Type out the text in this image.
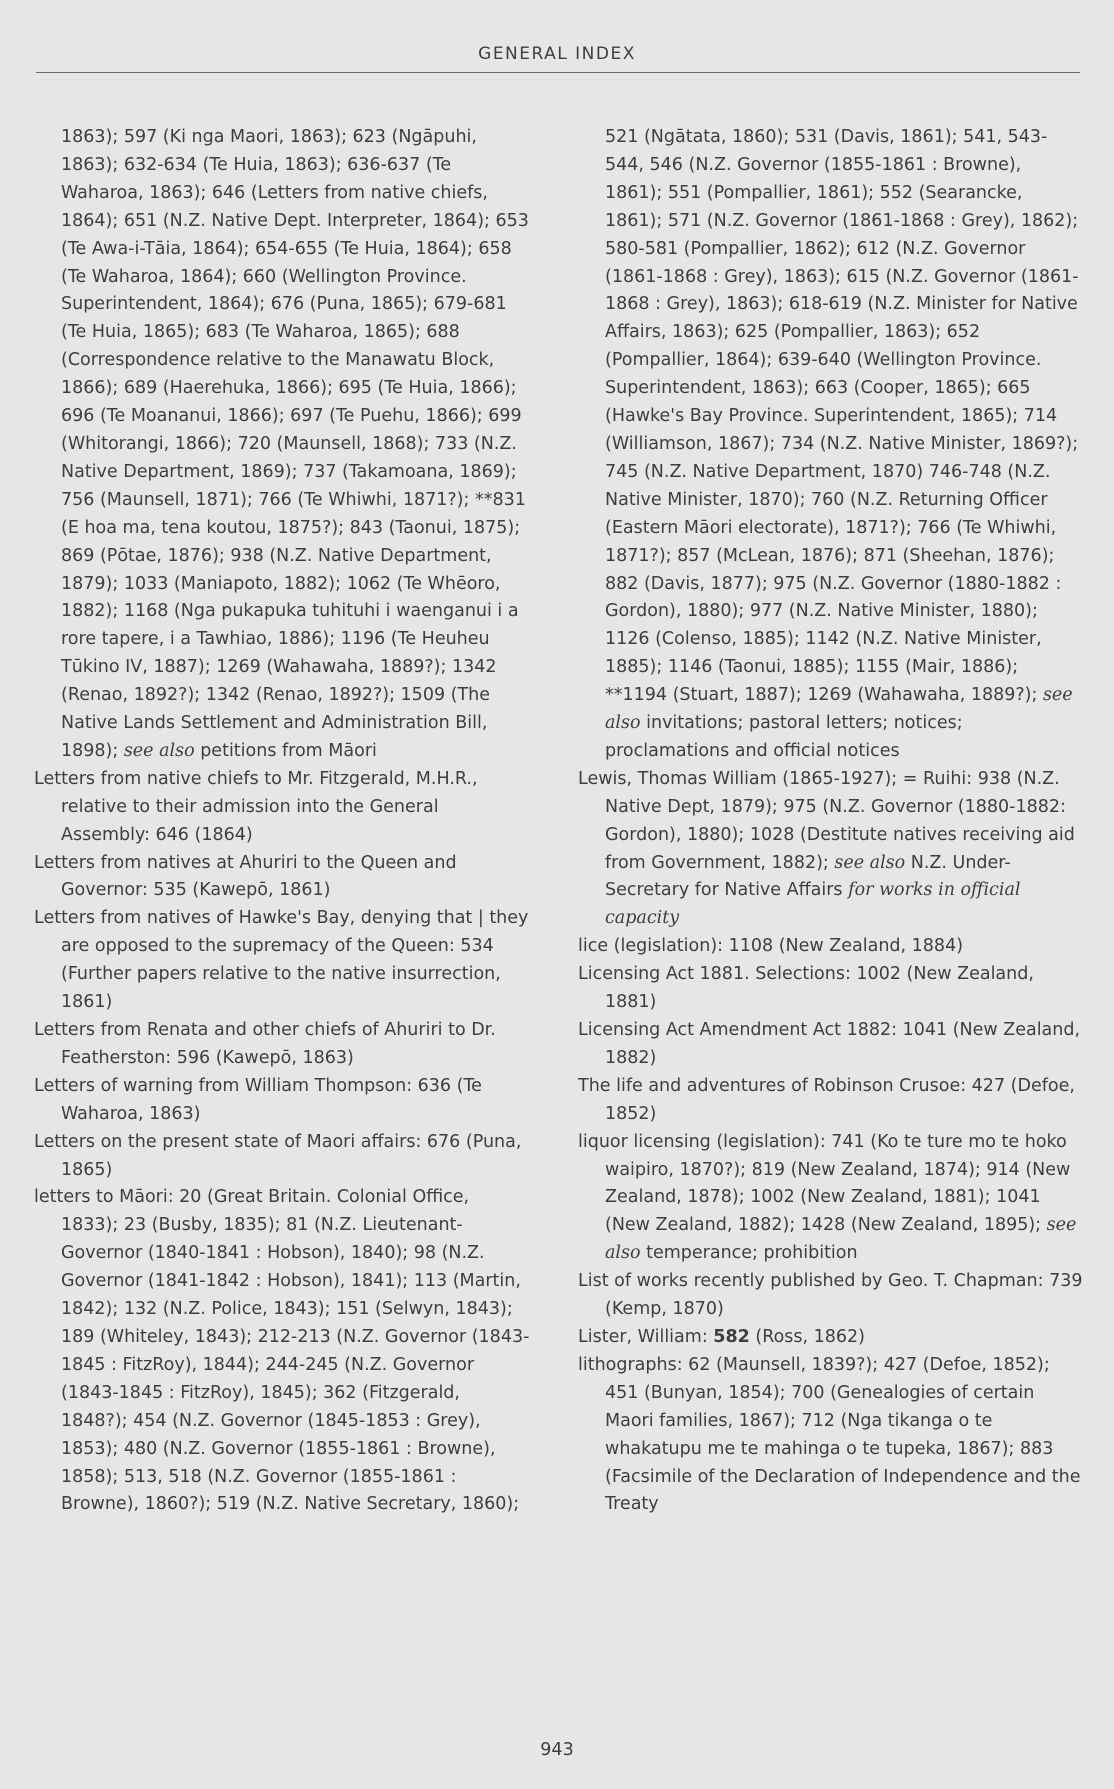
GENERAL INDEX
1863); 597 (Ki nga Maori, 1863); 623 (Ngāpuhi, 1863); 632-634 (Te Huia, 1863); 636-637 (Te Waharoa, 1863); 646 (Letters from native chiefs, 1864); 651 (N.Z. Native Dept. Interpreter, 1864); 653 (Te Awa-i-Tāia, 1864); 654-655 (Te Huia, 1864); 658 (Te Waharoa, 1864); 660 (Wellington Province. Superintendent, 1864); 676 (Puna, 1865); 679-681 (Te Huia, 1865); 683 (Te Waharoa, 1865); 688 (Correspondence relative to the Manawatu Block, 1866); 689 (Haerehuka, 1866); 695 (Te Huia, 1866); 696 (Te Moananui, 1866); 697 (Te Puehu, 1866); 699 (Whitorangi, 1866); 720 (Maunsell, 1868); 733 (N.Z. Native Department, 1869); 737 (Takamoana, 1869); 756 (Maunsell, 1871); 766 (Te Whiwhi, 1871?); **831 (E hoa ma, tena koutou, 1875?); 843 (Taonui, 1875); 869 (Pōtae, 1876); 938 (N.Z. Native Department, 1879); 1033 (Maniapoto, 1882); 1062 (Te Whēoro, 1882); 1168 (Nga pukapuka tuhituhi i waenganui i a rore tapere, i a Tawhiao, 1886); 1196 (Te Heuheu Tūkino IV, 1887); 1269 (Wahawaha, 1889?); 1342 (Renao, 1892?); 1342 (Renao, 1892?); 1509 (The Native Lands Settlement and Administration Bill, 1898); see also petitions from Māori
Letters from native chiefs to Mr. Fitzgerald, M.H.R., relative to their admission into the General Assembly: 646 (1864)
Letters from natives at Ahuriri to the Queen and Governor: 535 (Kawepō, 1861)
Letters from natives of Hawke's Bay, denying that | they are opposed to the supremacy of the Queen: 534 (Further papers relative to the native insurrection, 1861)
Letters from Renata and other chiefs of Ahuriri to Dr. Featherston: 596 (Kawepō, 1863)
Letters of warning from William Thompson: 636 (Te Waharoa, 1863)
Letters on the present state of Maori affairs: 676 (Puna, 1865)
letters to Māori: 20 (Great Britain. Colonial Office, 1833); 23 (Busby, 1835); 81 (N.Z. Lieutenant-Governor (1840-1841 : Hobson), 1840); 98 (N.Z. Governor (1841-1842 : Hobson), 1841); 113 (Martin, 1842); 132 (N.Z. Police, 1843); 151 (Selwyn, 1843); 189 (Whiteley, 1843); 212-213 (N.Z. Governor (1843-1845 : FitzRoy), 1844); 244-245 (N.Z. Governor (1843-1845 : FitzRoy), 1845); 362 (Fitzgerald, 1848?); 454 (N.Z. Governor (1845-1853 : Grey), 1853); 480 (N.Z. Governor (1855-1861 : Browne), 1858); 513, 518 (N.Z. Governor (1855-1861 : Browne), 1860?); 519 (N.Z. Native Secretary, 1860);
521 (Ngātata, 1860); 531 (Davis, 1861); 541, 543-544, 546 (N.Z. Governor (1855-1861 : Browne), 1861); 551 (Pompallier, 1861); 552 (Searancke, 1861); 571 (N.Z. Governor (1861-1868 : Grey), 1862); 580-581 (Pompallier, 1862); 612 (N.Z. Governor (1861-1868 : Grey), 1863); 615 (N.Z. Governor (1861-1868 : Grey), 1863); 618-619 (N.Z. Minister for Native Affairs, 1863); 625 (Pompallier, 1863); 652 (Pompallier, 1864); 639-640 (Wellington Province. Superintendent, 1863); 663 (Cooper, 1865); 665 (Hawke's Bay Province. Superintendent, 1865); 714 (Williamson, 1867); 734 (N.Z. Native Minister, 1869?); 745 (N.Z. Native Department, 1870) 746-748 (N.Z. Native Minister, 1870); 760 (N.Z. Returning Officer (Eastern Māori electorate), 1871?); 766 (Te Whiwhi, 1871?); 857 (McLean, 1876); 871 (Sheehan, 1876); 882 (Davis, 1877); 975 (N.Z. Governor (1880-1882 : Gordon), 1880); 977 (N.Z. Native Minister, 1880); 1126 (Colenso, 1885); 1142 (N.Z. Native Minister, 1885); 1146 (Taonui, 1885); 1155 (Mair, 1886); **1194 (Stuart, 1887); 1269 (Wahawaha, 1889?); see also invitations; pastoral letters; notices; proclamations and official notices
Lewis, Thomas William (1865-1927); = Ruihi: 938 (N.Z. Native Dept, 1879); 975 (N.Z. Governor (1880-1882: Gordon), 1880); 1028 (Destitute natives receiving aid from Government, 1882); see also N.Z. Under-Secretary for Native Affairs for works in official capacity
lice (legislation): 1108 (New Zealand, 1884)
Licensing Act 1881. Selections: 1002 (New Zealand, 1881)
Licensing Act Amendment Act 1882: 1041 (New Zealand, 1882)
The life and adventures of Robinson Crusoe: 427 (Defoe, 1852)
liquor licensing (legislation): 741 (Ko te ture mo te hoko waipiro, 1870?); 819 (New Zealand, 1874); 914 (New Zealand, 1878); 1002 (New Zealand, 1881); 1041 (New Zealand, 1882); 1428 (New Zealand, 1895); see also temperance; prohibition
List of works recently published by Geo. T. Chapman: 739 (Kemp, 1870)
Lister, William: 582 (Ross, 1862)
lithographs: 62 (Maunsell, 1839?); 427 (Defoe, 1852); 451 (Bunyan, 1854); 700 (Genealogies of certain Maori families, 1867); 712 (Nga tikanga o te whakatupu me te mahinga o te tupeka, 1867); 883 (Facsimile of the Declaration of Independence and the Treaty
943
